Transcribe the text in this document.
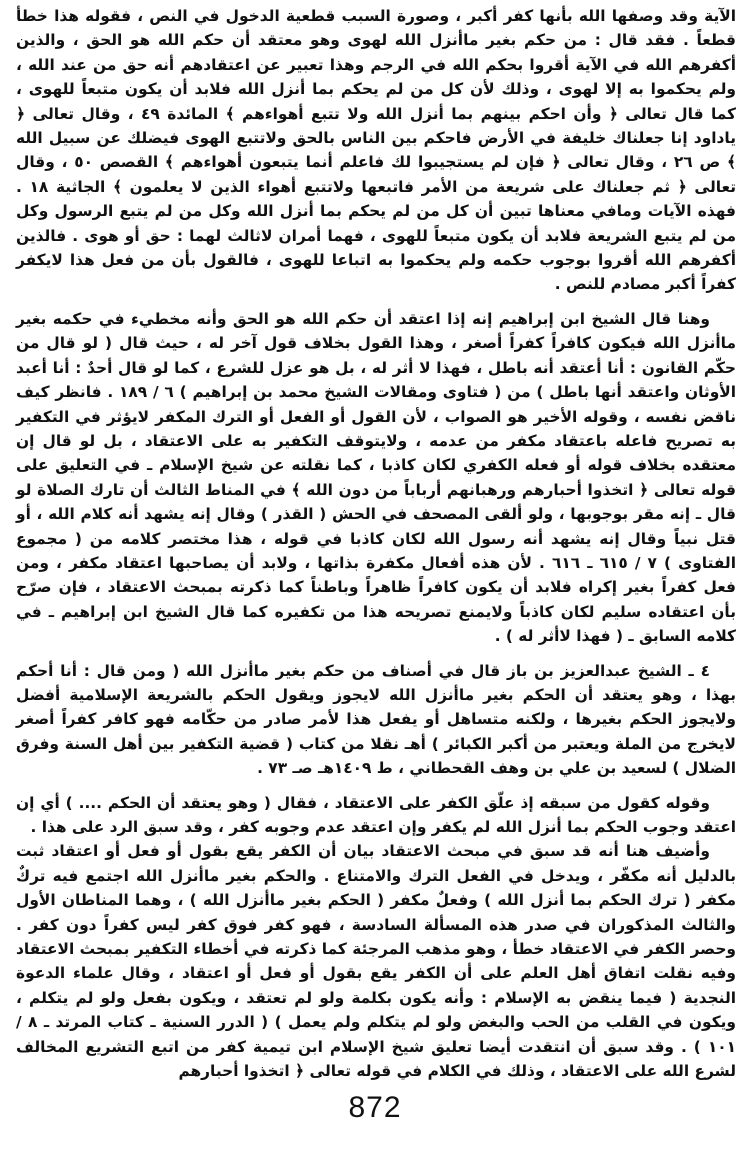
الآية وقد وصفها الله بأنها كفر أكبر ، وصورة السبب قطعية الدخول في النص ، فقوله هذا خطأ قطعاً . فقد قال : من حكم بغير ماأنزل الله لهوى وهو معتقد أن حكم الله هو الحق ، والذين أكفرهم الله في الآية أقروا بحكم الله في الرجم وهذا تعبير عن اعتقادهم أنه حق من عند الله ، ولم يحكموا به إلا لهوى ، وذلك لأن كل من لم يحكم بما أنزل الله فلابد أن يكون متبعاً للهوى ، كما قال تعالى ﴿ وأن احكم بينهم بما أنزل الله ولا تتبع أهواءهم ﴾ المائدة ٤٩ ، وقال تعالى ﴿ ياداود إنا جعلناك خليفة في الأرض فاحكم بين الناس بالحق ولاتتبع الهوى فيضلك عن سبيل الله ﴾ ص ٢٦ ، وقال تعالى ﴿ فإن لم يستجيبوا لك فاعلم أنما يتبعون أهواءهم ﴾ القصص ٥٠ ، وقال تعالى ﴿ ثم جعلناك على شريعة من الأمر فاتبعها ولاتتبع أهواء الذين لا يعلمون ﴾ الجاثية ١٨ . فهذه الآيات ومافي معناها تبين أن كل من لم يحكم بما أنزل الله وكل من لم يتبع الرسول وكل من لم يتبع الشريعة فلابد أن يكون متبعاً للهوى ، فهما أمران لاثالث لهما : حق أو هوى . فالذين أكفرهم الله أقروا بوجوب حكمه ولم يحكموا به اتباعا للهوى ، فالقول بأن من فعل هذا لايكفر كفراً أكبر مصادم للنص .

وهنا قال الشيخ ابن إبراهيم إنه إذا اعتقد أن حكم الله هو الحق وأنه مخطيء في حكمه بغير ماأنزل الله فيكون كافراً كفراً أصغر ، وهذا القول بخلاف قول آخر له ، حيث قال ( لو قال من حكّم القانون : أنا أعتقد أنه باطل ، فهذا لا أثر له ، بل هو عزل للشرع ، كما لو قال أحدٌ : أنا أعبد الأوثان واعتقد أنها باطل ) من ( فتاوى ومقالات الشيخ محمد بن إبراهيم ) ٦ / ١٨٩ . فانظر كيف ناقض نفسه ، وقوله الأخير هو الصواب ، لأن القول أو الفعل أو الترك المكفر لايؤثر في التكفير به تصريح فاعله باعتقاد مكفر من عدمه ، ولايتوقف التكفير به على الاعتقاد ، بل لو قال إن معتقده بخلاف قوله أو فعله الكفري لكان كاذبا ، كما نقلته عن شيخ الإسلام ـ في التعليق على قوله تعالى ﴿ اتخذوا أحبارهم ورهبانهم أرباباً من دون الله ﴾ في المناط الثالث أن تارك الصلاة لو قال ـ إنه مقر بوجوبها ، ولو ألقى المصحف في الحش ( القذر ) وقال إنه يشهد أنه كلام الله ، أو قتل نبياً وقال إنه يشهد أنه رسول الله لكان كاذبا في قوله ، هذا مختصر كلامه من ( مجموع الفتاوى ) ٧ / ٦١٥ ـ ٦١٦ . لأن هذه أفعال مكفرة بذاتها ، ولابد أن يصاحبها اعتقاد مكفر ، ومن فعل كفراً بغير إكراه فلابد أن يكون كافراً ظاهراً وباطناً كما ذكرته بمبحث الاعتقاد ، فإن صرّح بأن اعتقاده سليم لكان كاذباً ولايمنع تصريحه هذا من تكفيره كما قال الشيخ ابن إبراهيم ـ في كلامه السابق ـ ( فهذا لاأثر له ) .

٤ ـ الشيخ عبدالعزيز بن باز قال في أصناف من حكم بغير ماأنزل الله ( ومن قال : أنا أحكم بهذا ، وهو يعتقد أن الحكم بغير ماأنزل الله لايجوز ويقول الحكم بالشريعة الإسلامية أفضل ولايجوز الحكم بغيرها ، ولكنه متساهل أو يفعل هذا لأمر صادر من حكّامه فهو كافر كفراً أصغر لايخرج من الملة ويعتبر من أكبر الكبائر ) أهـ نقلا من كتاب ( قضية التكفير بين أهل السنة وفرق الضلال ) لسعيد بن علي بن وهف القحطاني ، ط ١٤٠٩هـ صـ ٧٣ .

وقوله كقول من سبقه إذ علّق الكفر على الاعتقاد ، فقال ( وهو يعتقد أن الحكم .... ) أي إن اعتقد وجوب الحكم بما أنزل الله لم يكفر وإن اعتقد عدم وجوبه كفر ، وقد سبق الرد على هذا .

وأضيف هنا أنه قد سبق في مبحث الاعتقاد بيان أن الكفر يقع بقول أو فعل أو اعتقاد ثبت بالدليل أنه مكفّر ، ويدخل في الفعل الترك والامتناع . والحكم بغير ماأنزل الله اجتمع فيه تركٌ مكفر ( ترك الحكم بما أنزل الله ) وفعلٌ مكفر ( الحكم بغير ماأنزل الله ) ، وهما المناطان الأول والثالث المذكوران في صدر هذه المسألة السادسة ، فهو كفر فوق كفر ليس كفراً دون كفر . وحصر الكفر في الاعتقاد خطأ ، وهو مذهب المرجئة كما ذكرته في أخطاء التكفير بمبحث الاعتقاد وفيه نقلت اتفاق أهل العلم على أن الكفر يقع بقول أو فعل أو اعتقاد ، وقال علماء الدعوة النجدية ( فيما ينقض به الإسلام : وأنه يكون بكلمة ولو لم تعتقد ، ويكون بفعل ولو لم يتكلم ، ويكون في القلب من الحب والبغض ولو لم يتكلم ولم يعمل ) ( الدرر السنية ـ كتاب المرتد ـ ٨ / ١٠١ ) . وقد سبق أن انتقدت أيضا تعليق شيخ الإسلام ابن تيمية كفر من اتبع التشريع المخالف لشرع الله على الاعتقاد ، وذلك في الكلام في قوله تعالى ﴿ اتخذوا أحبارهم

872
